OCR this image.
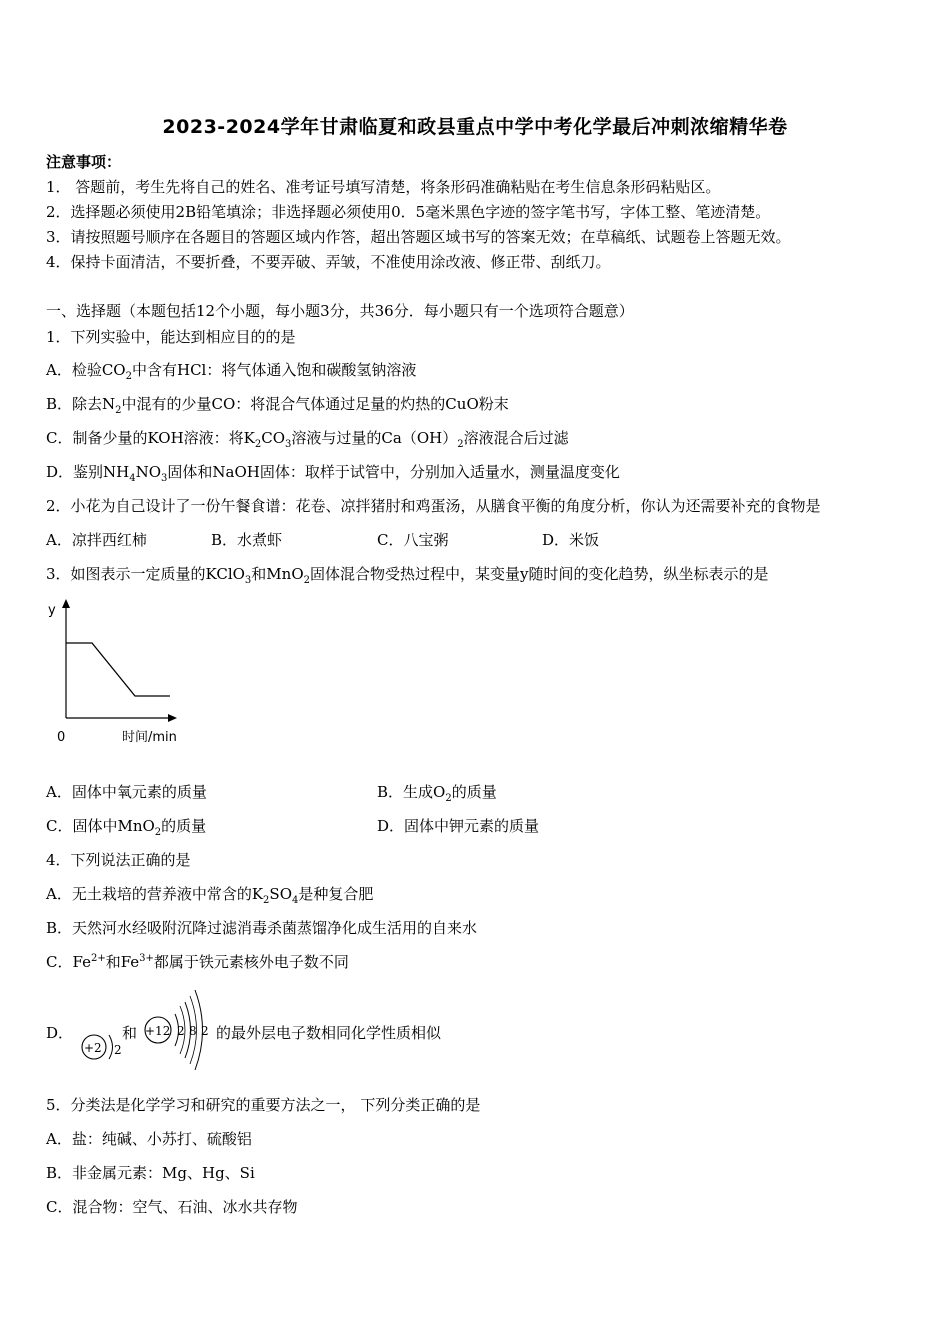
2023-2024学年甘肃临夏和政县重点中学中考化学最后冲刺浓缩精华卷
注意事项：
1． 答题前，考生先将自己的姓名、准考证号填写清楚，将条形码准确粘贴在考生信息条形码粘贴区。
2．选择题必须使用2B铅笔填涂；非选择题必须使用0．5毫米黑色字迹的签字笔书写，字体工整、笔迹清楚。
3．请按照题号顺序在各题目的答题区域内作答，超出答题区域书写的答案无效；在草稿纸、试题卷上答题无效。
4．保持卡面清洁，不要折叠，不要弄破、弄皱，不准使用涂改液、修正带、刮纸刀。
一、选择题（本题包括12个小题，每小题3分，共36分．每小题只有一个选项符合题意）
1．下列实验中，能达到相应目的的是
A．检验$CO_2$中含有HCl：将气体通入饱和碳酸氢钠溶液
B．除去$N_2$中混有的少量CO：将混合气体通过足量的灼热的CuO粉末
C．制备少量的KOH溶液：将$K_2CO_3$溶液与过量的$Ca(OH)_2$溶液混合后过滤
D．鉴别$NH_4NO_3$固体和NaOH固体：取样于试管中，分别加入适量水，测量温度变化
2．小花为自己设计了一份午餐食谱：花卷、凉拌猪肘和鸡蛋汤，从膳食平衡的角度分析，你认为还需要补充的食物是
A．凉拌西红柿	B．水煮虾	C．八宝粥	D．米饭
3．如图表示一定质量的KClO$_3$和MnO$_2$固体混合物受热过程中，某变量y随时间的变化趋势，纵坐标表示的是
y
0	时间/min
A．固体中氧元素的质量	B．生成$O_2$的质量
C．固体中MnO$_2$的质量	D．固体中钾元素的质量
4．下列说法正确的是
A．无土栽培的营养液中常含的$K_2SO_4$是种复合肥
B．天然河水经吸附沉降过滤消毒杀菌蒸馏净化成生活用的自来水
C．$Fe^{2+}$和$Fe^{3+}$都属于铁元素核外电子数不同
D．
+2 2
和 +12 2 8 2 的最外层电子数相同化学性质相似
5．分类法是化学学习和研究的重要方法之一， 下列分类正确的是
A．盐：纯碱、小苏打、硫酸铝
B．非金属元素：Mg、Hg、Si
C．混合物：空气、石油、冰水共存物
